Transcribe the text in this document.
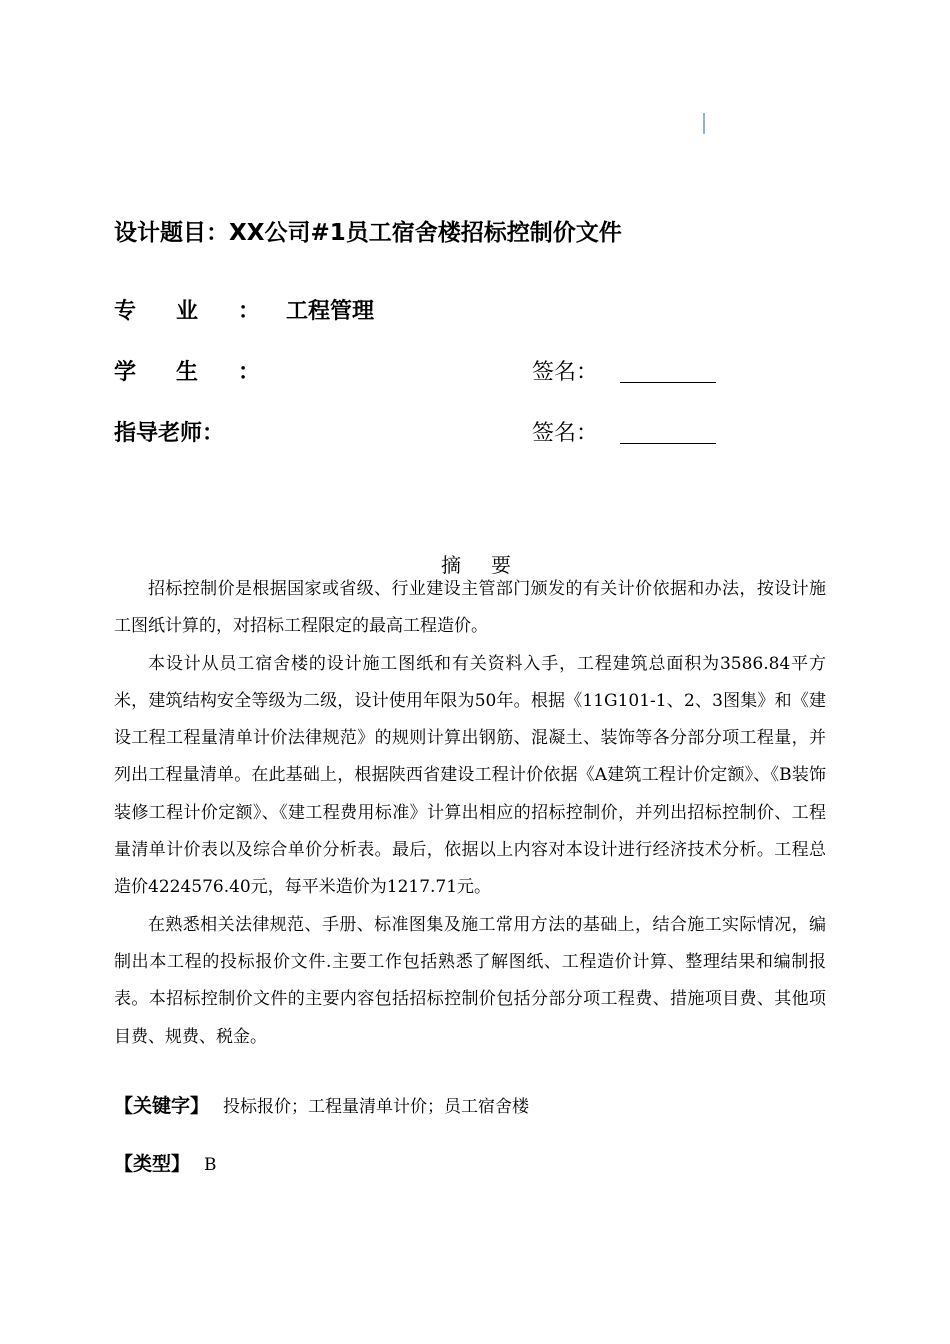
设计题目：XX公司#1员工宿舍楼招标控制价文件
专业：工程管理
学生：	签名：
指导老师：	签名：
摘要

招标控制价是根据国家或省级、行业建设主管部门颁发的有关计价依据和办法，按设计施工图纸计算的，对招标工程限定的最高工程造价。

本设计从员工宿舍楼的设计施工图纸和有关资料入手，工程建筑总面积为3586.84平方米，建筑结构安全等级为二级，设计使用年限为50年。根据《11G101-1、2、3图集》和《建设工程工程量清单计价法律规范》的规则计算出钢筋、混凝土、装饰等各分部分项工程量，并列出工程量清单。在此基础上，根据陕西省建设工程计价依据《A建筑工程计价定额》、《B装饰装修工程计价定额》、《建工程费用标准》计算出相应的招标控制价，并列出招标控制价、工程量清单计价表以及综合单价分析表。最后，依据以上内容对本设计进行经济技术分析。工程总造价4224576.40元，每平米造价为1217.71元。

在熟悉相关法律规范、手册、标准图集及施工常用方法的基础上，结合施工实际情况，编制出本工程的投标报价文件.主要工作包括熟悉了解图纸、工程造价计算、整理结果和编制报表。本招标控制价文件的主要内容包括招标控制价包括分部分项工程费、措施项目费、其他项目费、规费、税金。

【关键字】 投标报价；工程量清单计价；员工宿舍楼
【类型】 B
